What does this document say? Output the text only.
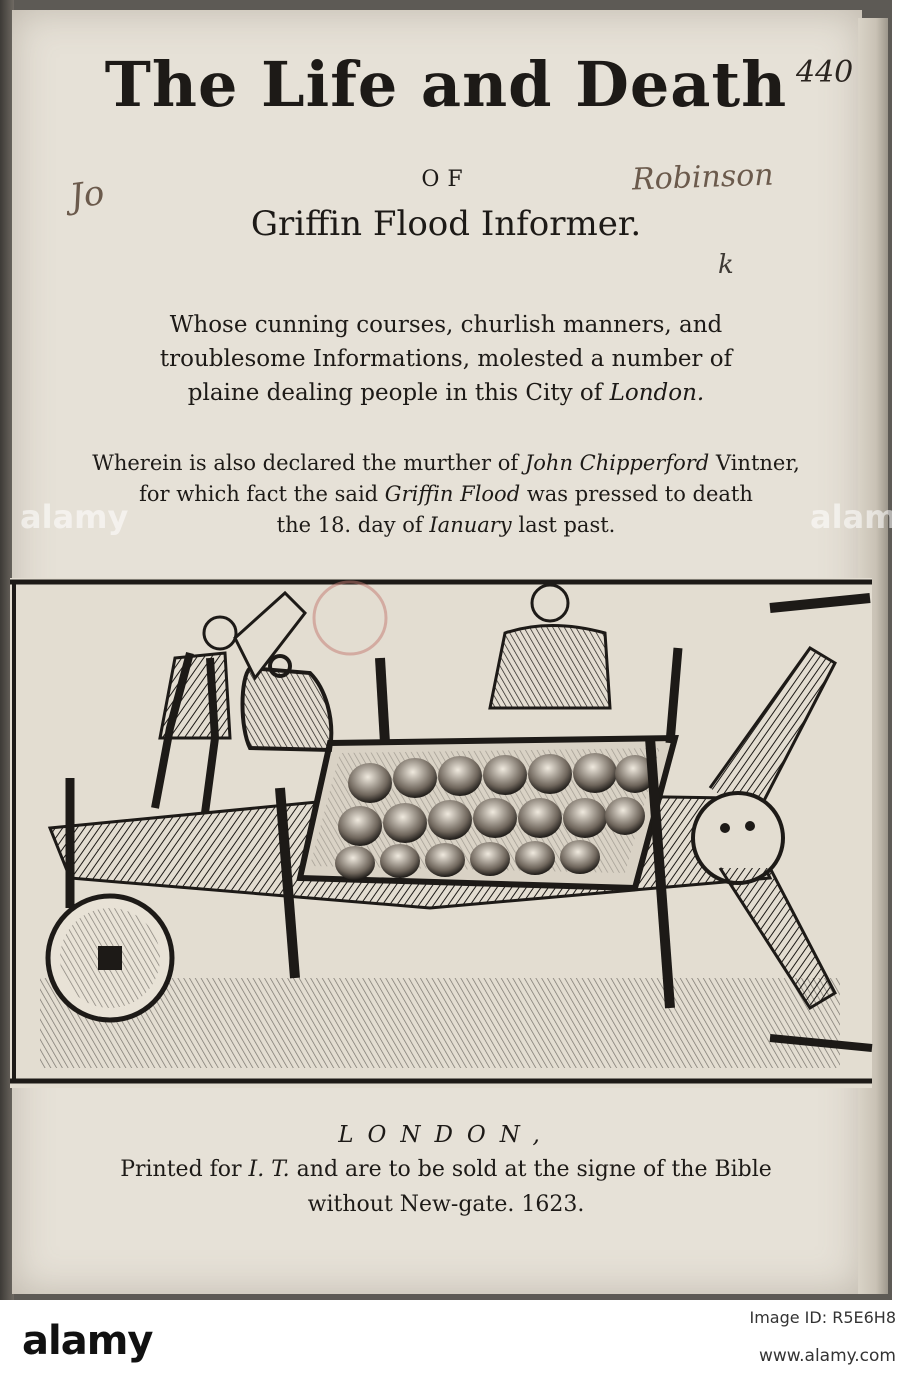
The Life and Death
OF
Griffin Flood Informer.
Whose cunning courses, churlish manners, and
troublesome Informations, molested a number of
plaine dealing people in this City of London.
Wherein is also declared the murther of John Chipperford Vintner,
for which fact the said Griffin Flood was pressed to death
the 18. day of Ianuary last past.
LONDON,
Printed for I. T. and are to be sold at the signe of the Bible
without New-gate. 1623.
440
Robinson
k
Jo
alamy	alamy
alamy
Image ID: R5E6H8
www.alamy.com
